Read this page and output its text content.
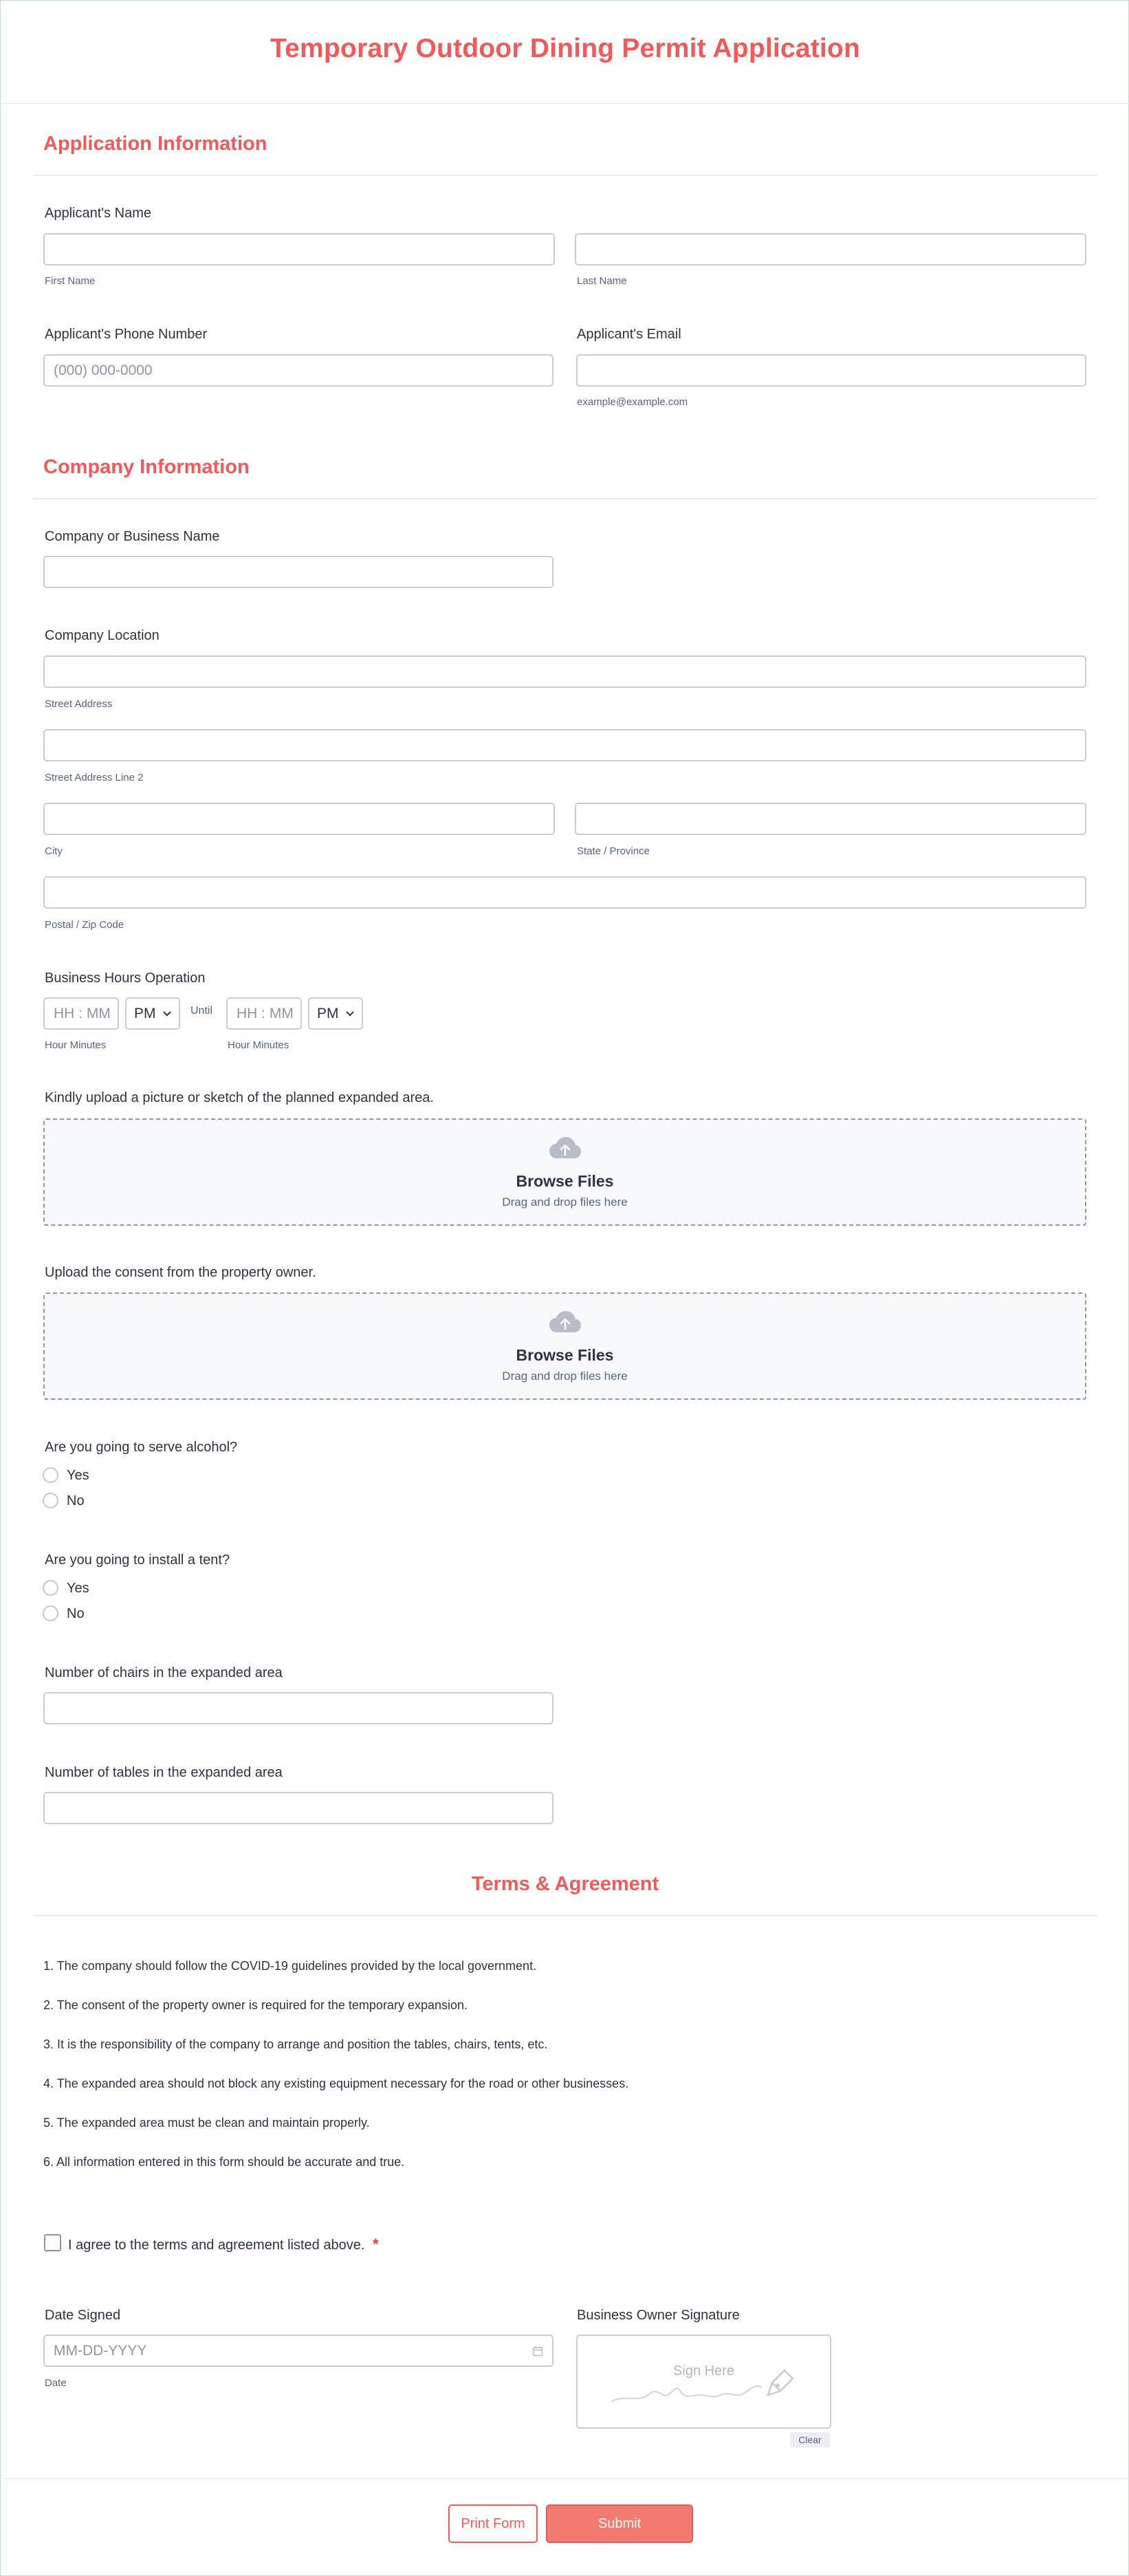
Temporary Outdoor Dining Permit Application
Application Information
Applicant's Name
First Name	Last Name
Applicant's Phone Number
(000) 000-0000
Applicant's Email
example@example.com
Company Information
Company or Business Name
Company Location
Street Address
Street Address Line 2
City	State / Province
Postal / Zip Code
Business Hours Operation
HH : MM PM	Until HH : MM PM
Hour Minutes	Hour Minutes
Kindly upload a picture or sketch of the planned expanded area.
Browse Files
Drag and drop files here
Upload the consent from the property owner.
Browse Files
Drag and drop files here
Are you going to serve alcohol?
Yes
No
Are you going to install a tent?
Yes
No
Number of chairs in the expanded area
Number of tables in the expanded area
Terms & Agreement
1. The company should follow the COVID-19 guidelines provided by the local government.
2. The consent of the property owner is required for the temporary expansion.
3. It is the responsibility of the company to arrange and position the tables, chairs, tents, etc.
4. The expanded area should not block any existing equipment necessary for the road or other businesses.
5. The expanded area must be clean and maintain properly.
6. All information entered in this form should be accurate and true.
I agree to the terms and agreement listed above. *
Date Signed
MM-DD-YYYY
Date
Business Owner Signature
Sign Here
Clear
Print Form	Submit
